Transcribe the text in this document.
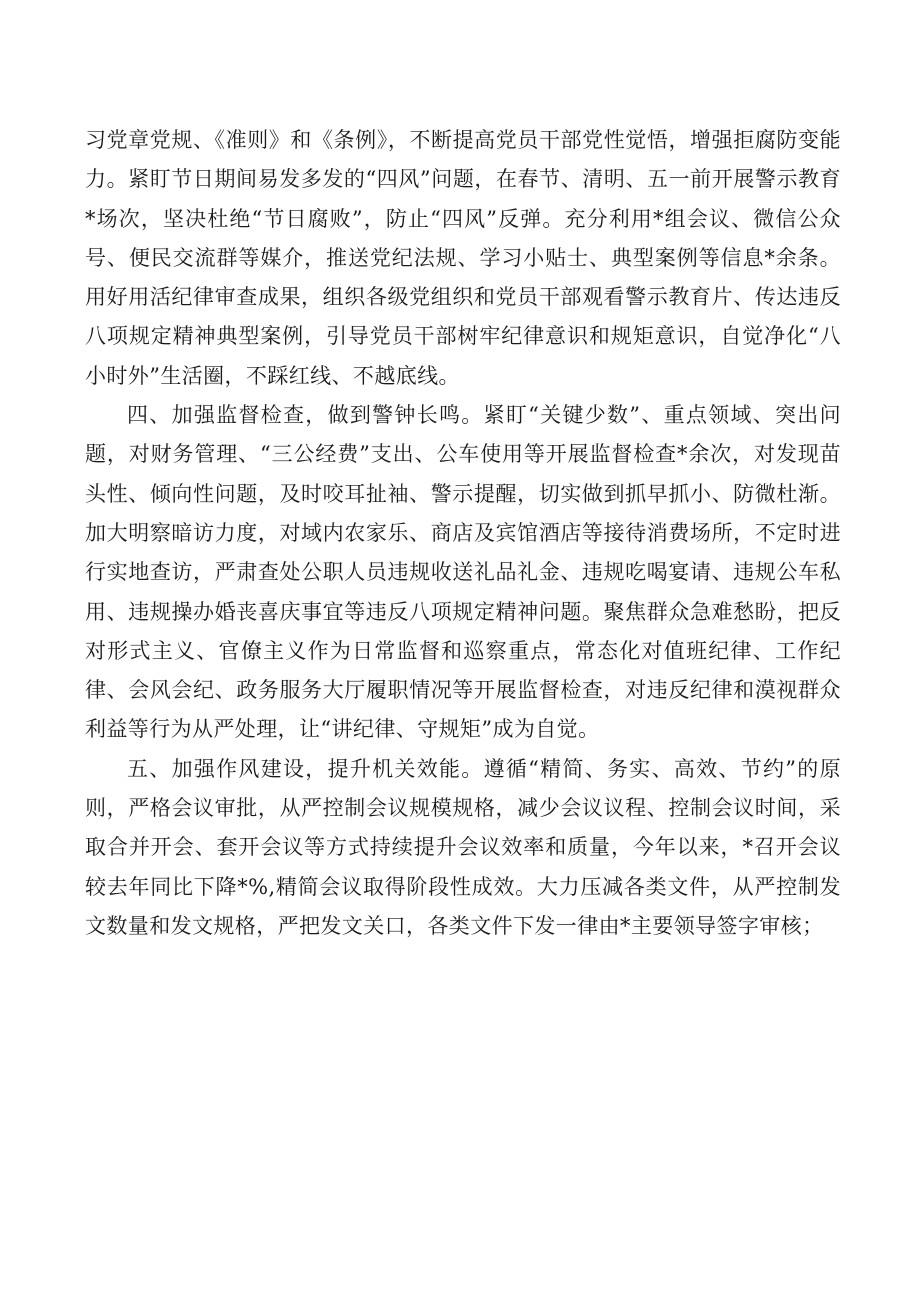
习党章党规、《准则》和《条例》，不断提高党员干部党性觉悟，增强拒腐防变能力。紧盯节日期间易发多发的“四风”问题，在春节、清明、五一前开展警示教育*场次，坚决杜绝“节日腐败”，防止“四风”反弹。充分利用*组会议、微信公众号、便民交流群等媒介，推送党纪法规、学习小贴士、典型案例等信息*余条。用好用活纪律审查成果，组织各级党组织和党员干部观看警示教育片、传达违反八项规定精神典型案例，引导党员干部树牢纪律意识和规矩意识，自觉净化“八小时外”生活圈，不踩红线、不越底线。

四、加强监督检查，做到警钟长鸣。紧盯“关键少数”、重点领域、突出问题，对财务管理、“三公经费”支出、公车使用等开展监督检查*余次，对发现苗头性、倾向性问题，及时咬耳扯袖、警示提醒，切实做到抓早抓小、防微杜渐。加大明察暗访力度，对域内农家乐、商店及宾馆酒店等接待消费场所，不定时进行实地查访，严肃查处公职人员违规收送礼品礼金、违规吃喝宴请、违规公车私用、违规操办婚丧喜庆事宜等违反八项规定精神问题。聚焦群众急难愁盼，把反对形式主义、官僚主义作为日常监督和巡察重点，常态化对值班纪律、工作纪律、会风会纪、政务服务大厅履职情况等开展监督检查，对违反纪律和漠视群众利益等行为从严处理，让“讲纪律、守规矩”成为自觉。

五、加强作风建设，提升机关效能。遵循“精简、务实、高效、节约”的原则，严格会议审批，从严控制会议规模规格，减少会议议程、控制会议时间，采取合并开会、套开会议等方式持续提升会议效率和质量，今年以来，*召开会议较去年同比下降*%,精简会议取得阶段性成效。大力压减各类文件，从严控制发文数量和发文规格，严把发文关口，各类文件下发一律由*主要领导签字审核；
